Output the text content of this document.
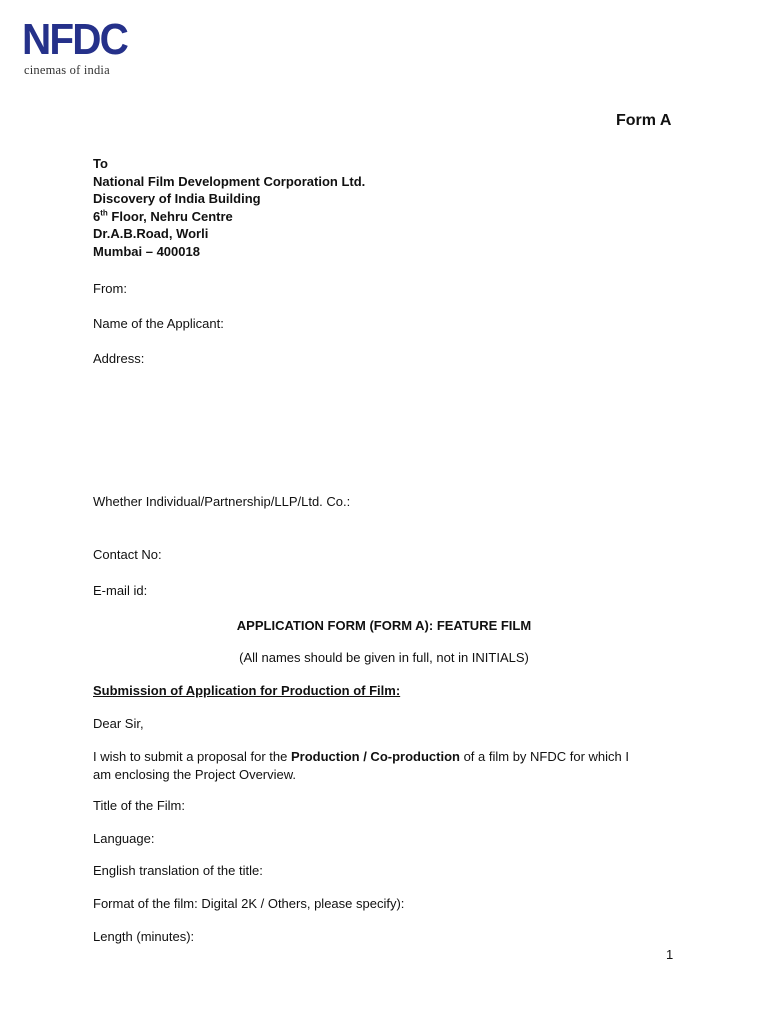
NFDC
cinemas of india
Form A
To
National Film Development Corporation Ltd.
Discovery of India Building
6th Floor, Nehru Centre
Dr.A.B.Road, Worli
Mumbai – 400018
From:
Name of the Applicant:
Address:
Whether Individual/Partnership/LLP/Ltd. Co.:
Contact No:
E-mail id:
APPLICATION FORM (FORM A): FEATURE FILM
(All names should be given in full, not in INITIALS)
Submission of Application for Production of Film:
Dear Sir,
I wish to submit a proposal for the Production / Co-production of a film by NFDC for which I
am enclosing the Project Overview.
Title of the Film:
Language:
English translation of the title:
Format of the film: Digital 2K / Others, please specify):
Length (minutes):
1
